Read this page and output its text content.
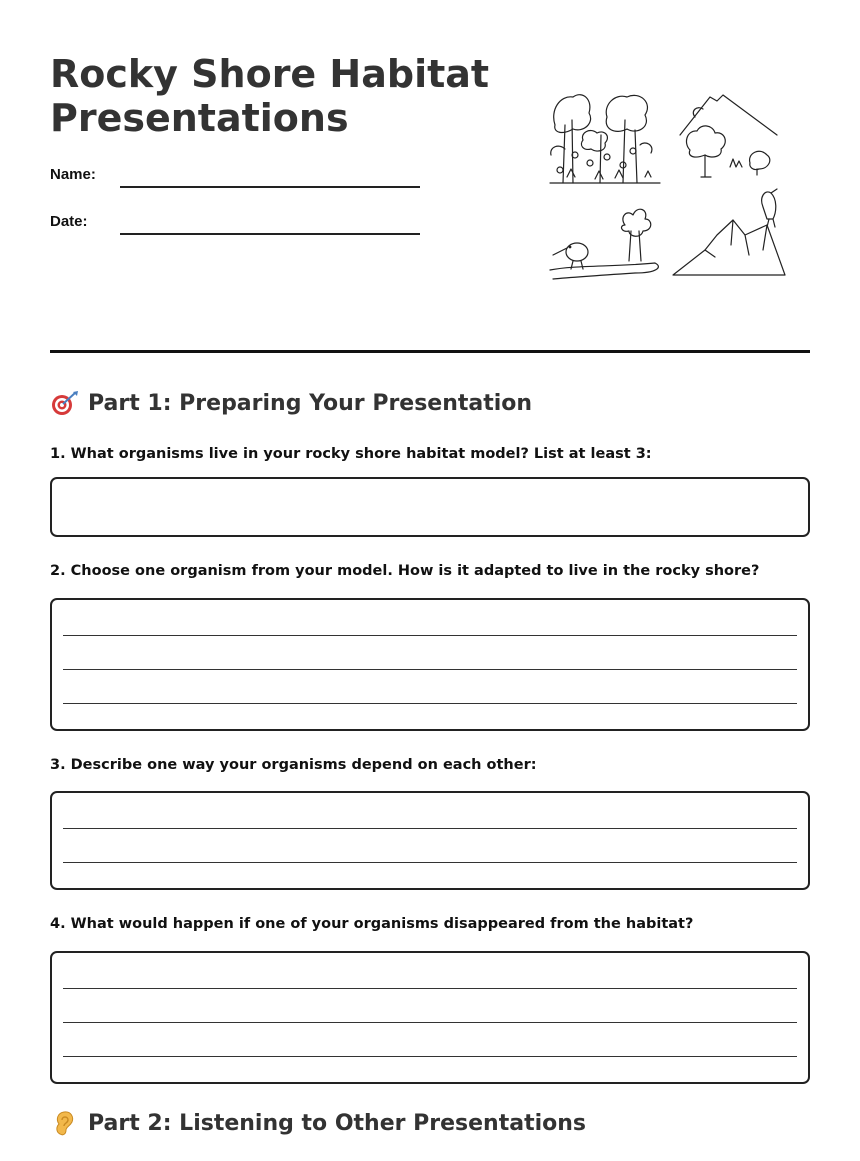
Rocky Shore Habitat
Presentations
Name:
Date:
Part 1: Preparing Your Presentation

1. What organisms live in your rocky shore habitat model? List at least 3:

2. Choose one organism from your model. How is it adapted to live in the rocky shore?

3. Describe one way your organisms depend on each other:

4. What would happen if one of your organisms disappeared from the habitat?

Part 2: Listening to Other Presentations
